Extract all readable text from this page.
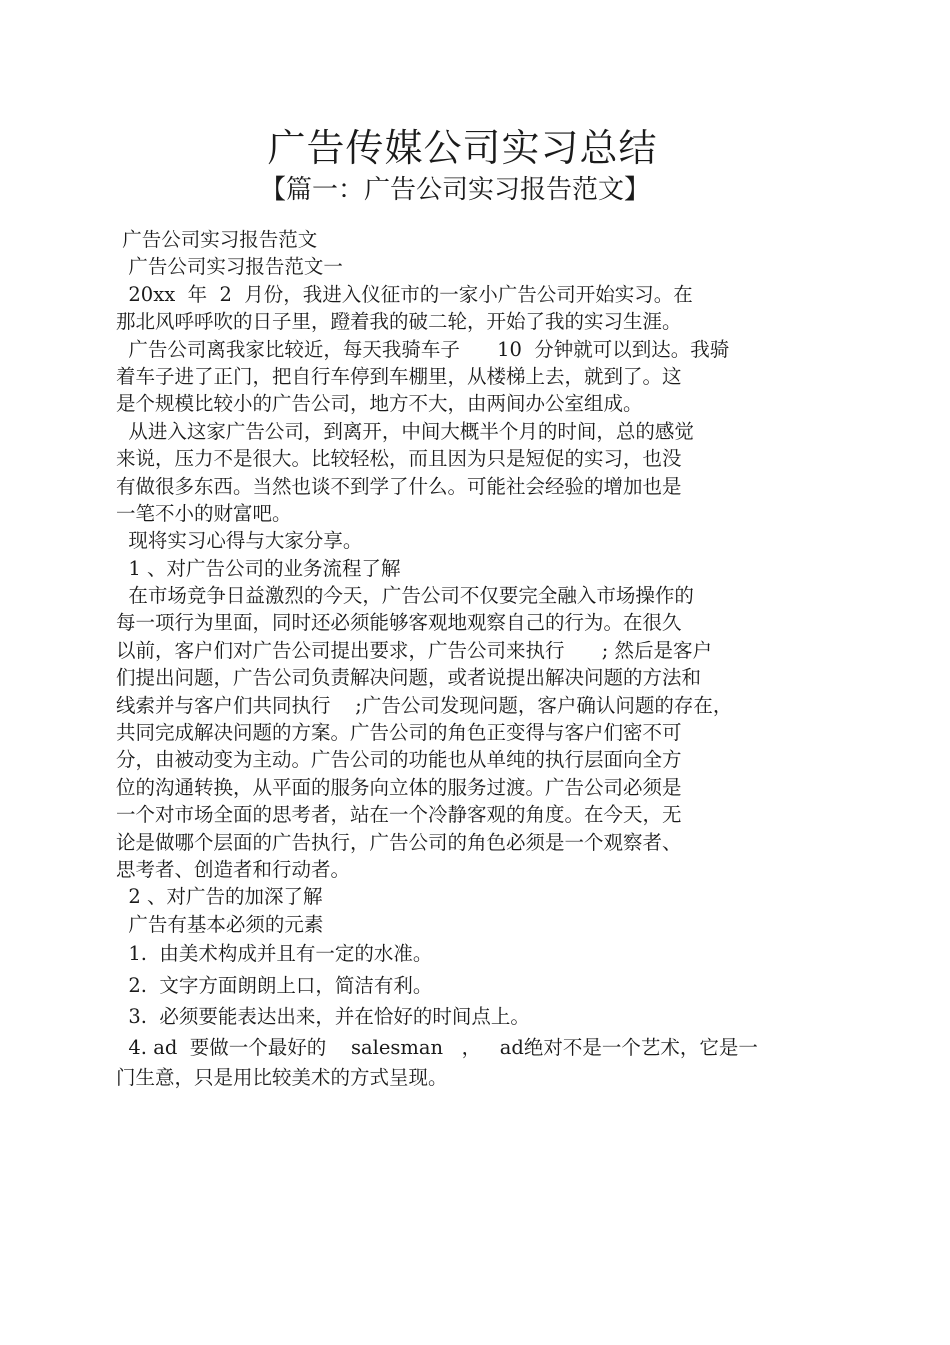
广告传媒公司实习总结
【篇一：广告公司实习报告范文】
广告公司实习报告范文
广告公司实习报告范文一
20xx  年  2  月份，我进入仪征市的一家小广告公司开始实习。在
那北风呼呼吹的日子里，蹬着我的破二轮，开始了我的实习生涯。
广告公司离我家比较近，每天我骑车子      10  分钟就可以到达。我骑
着车子进了正门，把自行车停到车棚里，从楼梯上去，就到了。这
是个规模比较小的广告公司，地方不大，由两间办公室组成。
从进入这家广告公司，到离开，中间大概半个月的时间，总的感觉
来说，压力不是很大。比较轻松，而且因为只是短促的实习，也没
有做很多东西。当然也谈不到学了什么。可能社会经验的增加也是
一笔不小的财富吧。
现将实习心得与大家分享。
1 、对广告公司的业务流程了解
在市场竞争日益激烈的今天，广告公司不仅要完全融入市场操作的
每一项行为里面，同时还必须能够客观地观察自己的行为。在很久
以前，客户们对广告公司提出要求，广告公司来执行      ; 然后是客户
们提出问题，广告公司负责解决问题，或者说提出解决问题的方法和
线索并与客户们共同执行    ;广告公司发现问题，客户确认问题的存在，
共同完成解决问题的方案。广告公司的角色正变得与客户们密不可
分，由被动变为主动。广告公司的功能也从单纯的执行层面向全方
位的沟通转换，从平面的服务向立体的服务过渡。广告公司必须是
一个对市场全面的思考者，站在一个冷静客观的角度。在今天，无
论是做哪个层面的广告执行，广告公司的角色必须是一个观察者、
思考者、创造者和行动者。
2 、对广告的加深了解
广告有基本必须的元素
1.  由美术构成并且有一定的水准。
2.  文字方面朗朗上口，简洁有利。
3.  必须要能表达出来，并在恰好的时间点上。
4. ad  要做一个最好的    salesman   ，   ad绝对不是一个艺术，它是一
门生意，只是用比较美术的方式呈现。
